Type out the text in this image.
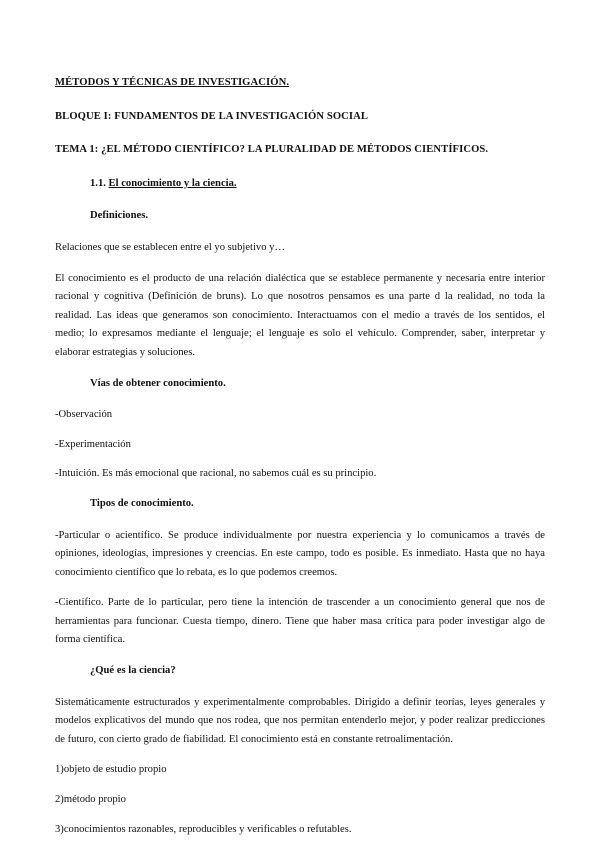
MÉTODOS Y TÉCNICAS DE INVESTIGACIÓN.
BLOQUE I: FUNDAMENTOS DE LA INVESTIGACIÓN SOCIAL
TEMA 1: ¿EL MÉTODO CIENTÍFICO? LA PLURALIDAD DE MÉTODOS CIENTÍFICOS.
1.1. El conocimiento y la ciencia.
Definiciones.
Relaciones que se establecen entre el yo subjetivo y…
El conocimiento es el producto de una relación dialéctica que se establece permanente y necesaria entre interior racional y cognitiva (Definición de bruns). Lo que nosotros pensamos es una parte d la realidad, no toda la realidad. Las ideas que generamos son conocimiento. Interactuamos con el medio a través de los sentidos, el medio; lo expresamos mediante el lenguaje; el lenguaje es solo el vehículo. Comprender, saber, interpretar y elaborar estrategias y soluciones.
Vías de obtener conocimiento.
-Observación
-Experimentación
-Intuición. Es más emocional que racional, no sabemos cuál es su principio.
Tipos de conocimiento.
-Particular o acientífico. Se produce individualmente por nuestra experiencia y lo comunicamos a través de opiniones, ideologías, impresiones y creencias. En este campo, todo es posible. Es inmediato. Hasta que no haya conocimiento científico que lo rebata, es lo que podemos creemos.
-Científico. Parte de lo particular, pero tiene la intención de trascender a un conocimiento general que nos de herramientas para funcionar. Cuesta tiempo, dinero. Tiene que haber masa crítica para poder investigar algo de forma científica.
¿Qué es la ciencia?
Sistemáticamente estructurados y experimentalmente comprobables. Dirigido a definir teorías, leyes generales y modelos explicativos del mundo que nos rodea, que nos permitan entenderlo mejor, y poder realizar predicciones de futuro, con cierto grado de fiabilidad. El conocimiento está en constante retroalimentación.
1)objeto de estudio propio
2)método propio
3)conocimientos razonables, reproducibles y verificables o refutables.
